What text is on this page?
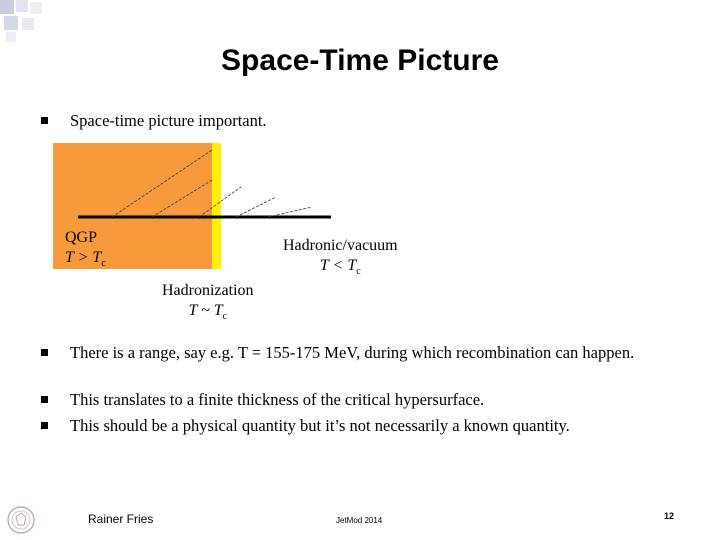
Space-Time Picture
Space-time picture important.
QGP
$T > T_c$
Hadronic/vacuum
$T < T_c$
Hadronization
T ~ $T_c$
There is a range, say e.g. T = 155-175 MeV, during which recombination can happen.
This translates to a finite thickness of the critical hypersurface.
This should be a physical quantity but it’s not necessarily a known quantity.
Rainer Fries	JetMod 2014	12
